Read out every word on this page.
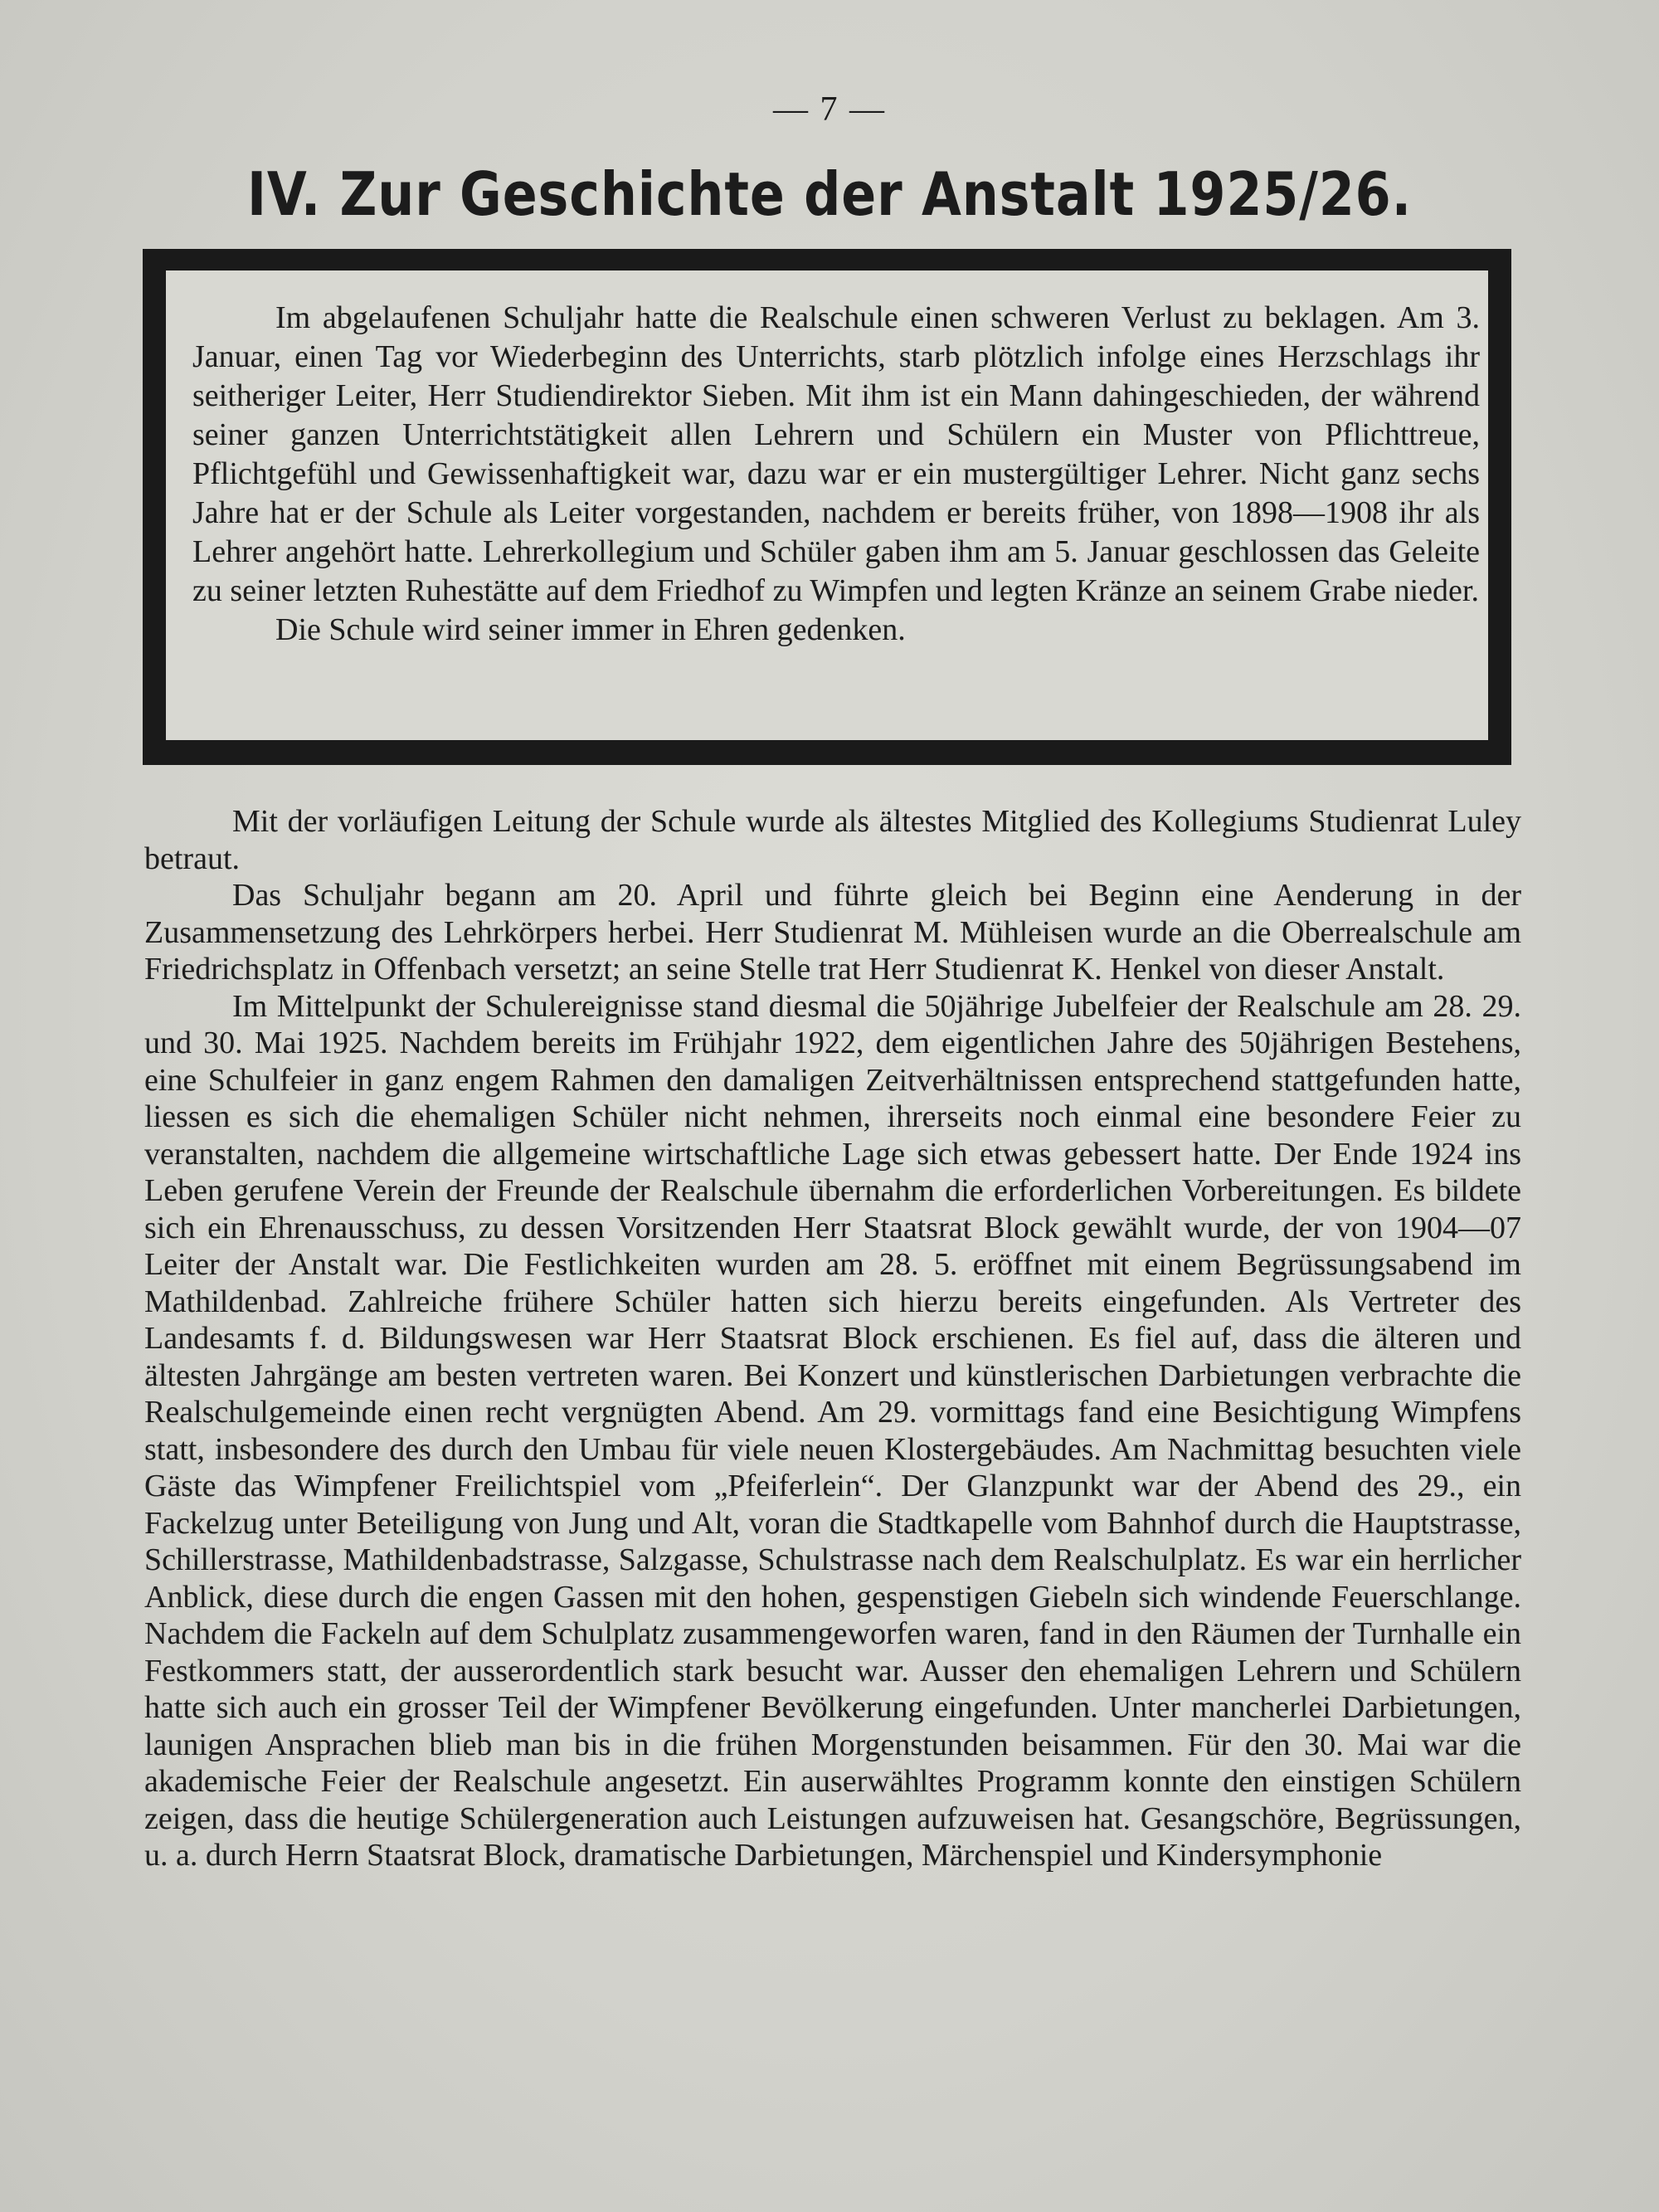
— 7 —
IV. Zur Geschichte der Anstalt 1925/26.

Im abgelaufenen Schuljahr hatte die Realschule einen schweren Verlust zu beklagen. Am 3. Januar, einen Tag vor Wiederbeginn des Unterrichts, starb plötzlich infolge eines Herzschlags ihr seitheriger Leiter, Herr Studiendirektor Sieben. Mit ihm ist ein Mann dahingeschieden, der während seiner ganzen Unterrichtstätigkeit allen Lehrern und Schülern ein Muster von Pflichttreue, Pflichtgefühl und Gewissenhaftigkeit war, dazu war er ein mustergültiger Lehrer. Nicht ganz sechs Jahre hat er der Schule als Leiter vorgestanden, nachdem er bereits früher, von 1898—1908 ihr als Lehrer angehört hatte. Lehrerkollegium und Schüler gaben ihm am 5. Januar geschlossen das Geleite zu seiner letzten Ruhestätte auf dem Friedhof zu Wimpfen und legten Kränze an seinem Grabe nieder.

Die Schule wird seiner immer in Ehren gedenken.

Mit der vorläufigen Leitung der Schule wurde als ältestes Mitglied des Kollegiums Studienrat Luley betraut.

Das Schuljahr begann am 20. April und führte gleich bei Beginn eine Aenderung in der Zusammensetzung des Lehrkörpers herbei. Herr Studienrat M. Mühleisen wurde an die Oberrealschule am Friedrichsplatz in Offenbach versetzt; an seine Stelle trat Herr Studienrat K. Henkel von dieser Anstalt.

Im Mittelpunkt der Schulereignisse stand diesmal die 50jährige Jubelfeier der Realschule am 28. 29. und 30. Mai 1925. Nachdem bereits im Frühjahr 1922, dem eigentlichen Jahre des 50jährigen Bestehens, eine Schulfeier in ganz engem Rahmen den damaligen Zeitverhältnissen entsprechend stattgefunden hatte, liessen es sich die ehemaligen Schüler nicht nehmen, ihrerseits noch einmal eine besondere Feier zu veranstalten, nachdem die allgemeine wirtschaftliche Lage sich etwas gebessert hatte. Der Ende 1924 ins Leben gerufene Verein der Freunde der Realschule übernahm die erforderlichen Vorbereitungen. Es bildete sich ein Ehrenausschuss, zu dessen Vorsitzenden Herr Staatsrat Block gewählt wurde, der von 1904—07 Leiter der Anstalt war. Die Festlichkeiten wurden am 28. 5. eröffnet mit einem Begrüssungsabend im Mathildenbad. Zahlreiche frühere Schüler hatten sich hierzu bereits eingefunden. Als Vertreter des Landesamts f. d. Bildungswesen war Herr Staatsrat Block erschienen. Es fiel auf, dass die älteren und ältesten Jahrgänge am besten vertreten waren. Bei Konzert und künstlerischen Darbietungen verbrachte die Realschulgemeinde einen recht vergnügten Abend. Am 29. vormittags fand eine Besichtigung Wimpfens statt, insbesondere des durch den Umbau für viele neuen Klostergebäudes. Am Nachmittag besuchten viele Gäste das Wimpfener Freilichtspiel vom „Pfeiferlein“. Der Glanzpunkt war der Abend des 29., ein Fackelzug unter Beteiligung von Jung und Alt, voran die Stadtkapelle vom Bahnhof durch die Hauptstrasse, Schillerstrasse, Mathildenbadstrasse, Salzgasse, Schulstrasse nach dem Realschulplatz. Es war ein herrlicher Anblick, diese durch die engen Gassen mit den hohen, gespenstigen Giebeln sich windende Feuerschlange. Nachdem die Fackeln auf dem Schulplatz zusammengeworfen waren, fand in den Räumen der Turnhalle ein Festkommers statt, der ausserordentlich stark besucht war. Ausser den ehemaligen Lehrern und Schülern hatte sich auch ein grosser Teil der Wimpfener Bevölkerung eingefunden. Unter mancherlei Darbietungen, launigen Ansprachen blieb man bis in die frühen Morgenstunden beisammen. Für den 30. Mai war die akademische Feier der Realschule angesetzt. Ein auserwähltes Programm konnte den einstigen Schülern zeigen, dass die heutige Schülergeneration auch Leistungen aufzuweisen hat. Gesangschöre, Begrüssungen, u. a. durch Herrn Staatsrat Block, dramatische Darbietungen, Märchenspiel und Kindersymphonie
